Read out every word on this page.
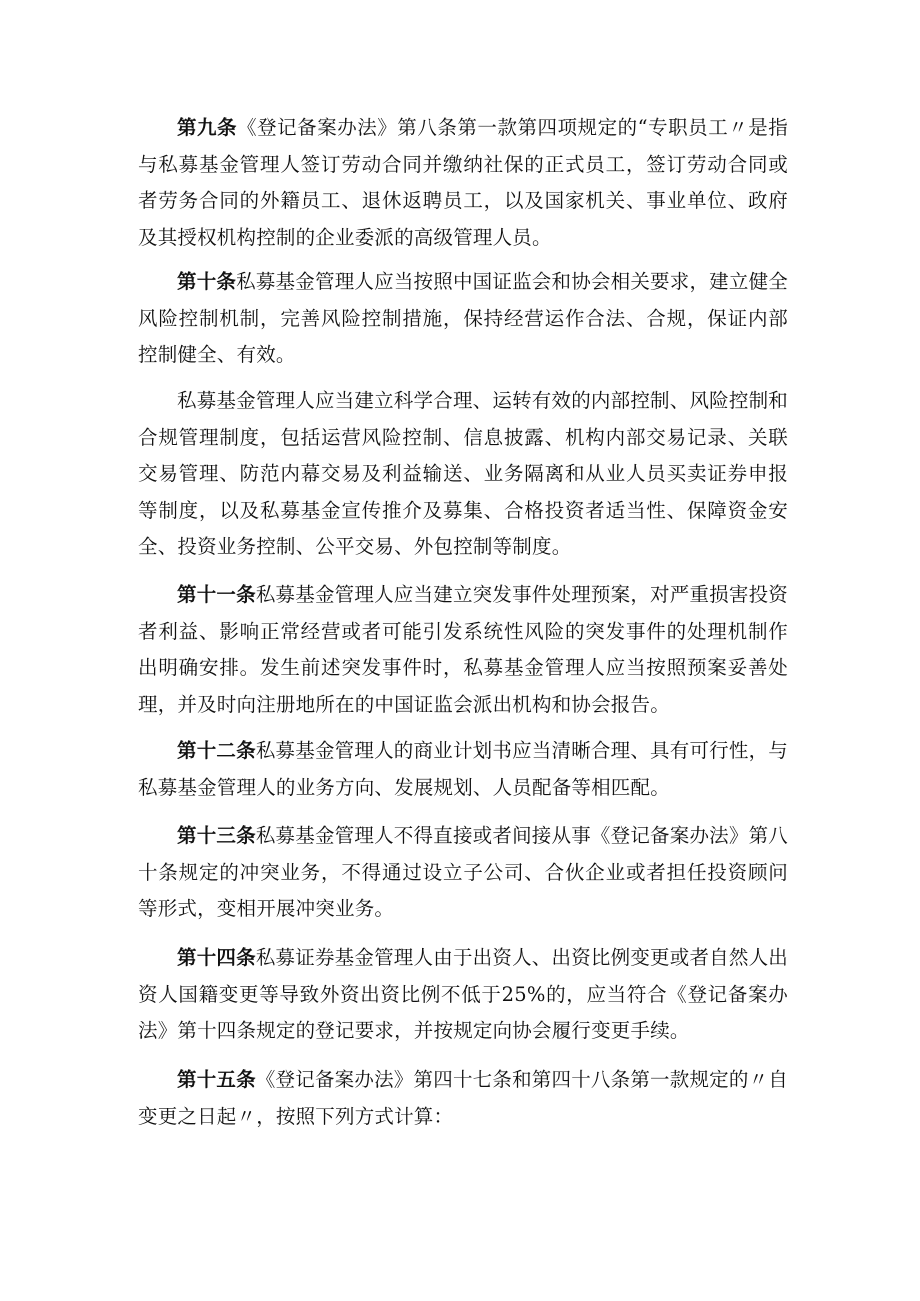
第九条《登记备案办法》第八条第一款第四项规定的“专职员工〃是指与私募基金管理人签订劳动合同并缴纳社保的正式员工，签订劳动合同或者劳务合同的外籍员工、退休返聘员工，以及国家机关、事业单位、政府及其授权机构控制的企业委派的高级管理人员。

第十条私募基金管理人应当按照中国证监会和协会相关要求，建立健全风险控制机制，完善风险控制措施，保持经营运作合法、合规，保证内部控制健全、有效。

私募基金管理人应当建立科学合理、运转有效的内部控制、风险控制和合规管理制度，包括运营风险控制、信息披露、机构内部交易记录、关联交易管理、防范内幕交易及利益输送、业务隔离和从业人员买卖证券申报等制度，以及私募基金宣传推介及募集、合格投资者适当性、保障资金安全、投资业务控制、公平交易、外包控制等制度。

第十一条私募基金管理人应当建立突发事件处理预案，对严重损害投资者利益、影响正常经营或者可能引发系统性风险的突发事件的处理机制作出明确安排。发生前述突发事件时，私募基金管理人应当按照预案妥善处理，并及时向注册地所在的中国证监会派出机构和协会报告。

第十二条私募基金管理人的商业计划书应当清晰合理、具有可行性，与私募基金管理人的业务方向、发展规划、人员配备等相匹配。

第十三条私募基金管理人不得直接或者间接从事《登记备案办法》第八十条规定的冲突业务，不得通过设立子公司、合伙企业或者担任投资顾问等形式，变相开展冲突业务。

第十四条私募证券基金管理人由于出资人、出资比例变更或者自然人出资人国籍变更等导致外资出资比例不低于25%的，应当符合《登记备案办法》第十四条规定的登记要求，并按规定向协会履行变更手续。

第十五条《登记备案办法》第四十七条和第四十八条第一款规定的〃自变更之日起〃，按照下列方式计算：
